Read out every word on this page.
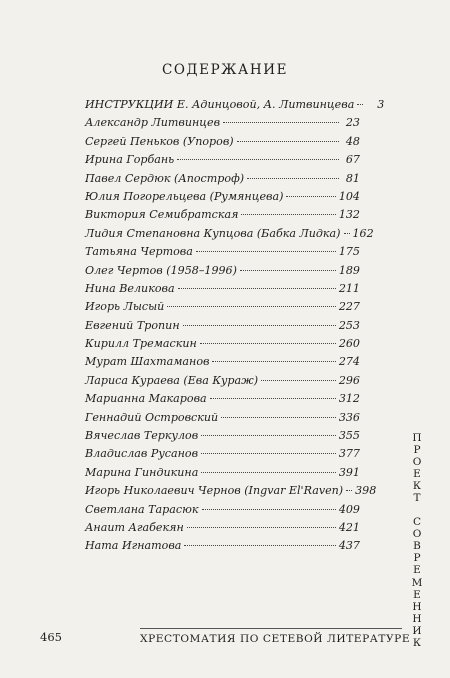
СОДЕРЖАНИЕ
ИНСТРУКЦИИ Е. Адинцовой, А. Литвинцева	3
Александр Литвинцев	23
Сергей Пеньков (Упоров)	48
Ирина Горбань	67
Павел Сердюк (Апостроф)	81
Юлия Погорельцева (Румянцева)	104
Виктория Семибратская	132
Лидия Степановна Купцова (Бабка Лидка) 162
Татьяна Чертова	175
Олег Чертов (1958–1996)	189
Нина Великова	211
Игорь Лысый	227
Евгений Тропин	253
Кирилл Тремаскин	260
Мурат Шахтаманов	274
Лариса Кураева (Ева Кураж)	296
Марианна Макарова	312
Геннадий Островский	336
Вячеслав Теркулов	355
Владислав Русанов	377
Марина Гиндикина	391
Игорь Николаевич Чернов (Ingvar El'Raven) 398
Светлана Тарасюк	409
Анаит Агабекян	421
Ната Игнатова	437
П
Р
О
Е
К
Т
С
О
В
Р
Е
М
Е
Н
Н
И
К
465	ХРЕСТОМАТИЯ ПО СЕТЕВОЙ ЛИТЕРАТУРЕ
